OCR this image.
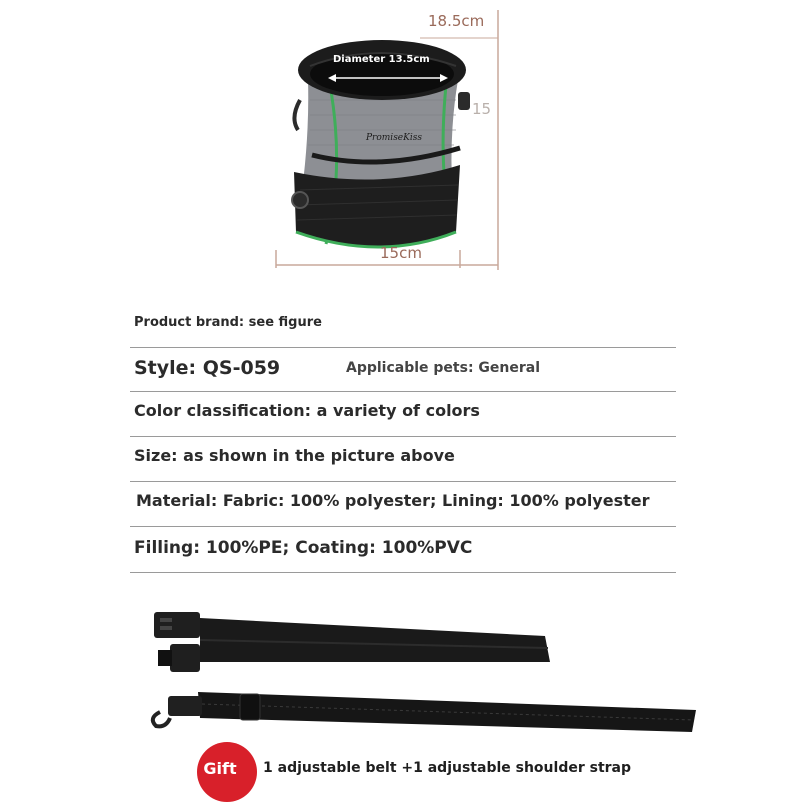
PromiseKiss
Diameter 13.5cm
18.5cm
15
15cm
Product brand: see figure
Style: QS-059	Applicable pets: General
Color classification: a variety of colors
Size: as shown in the picture above
Material: Fabric: 100% polyester; Lining: 100% polyester
Filling: 100%PE; Coating: 100%PVC
Gift 1 adjustable belt +1 adjustable shoulder strap
